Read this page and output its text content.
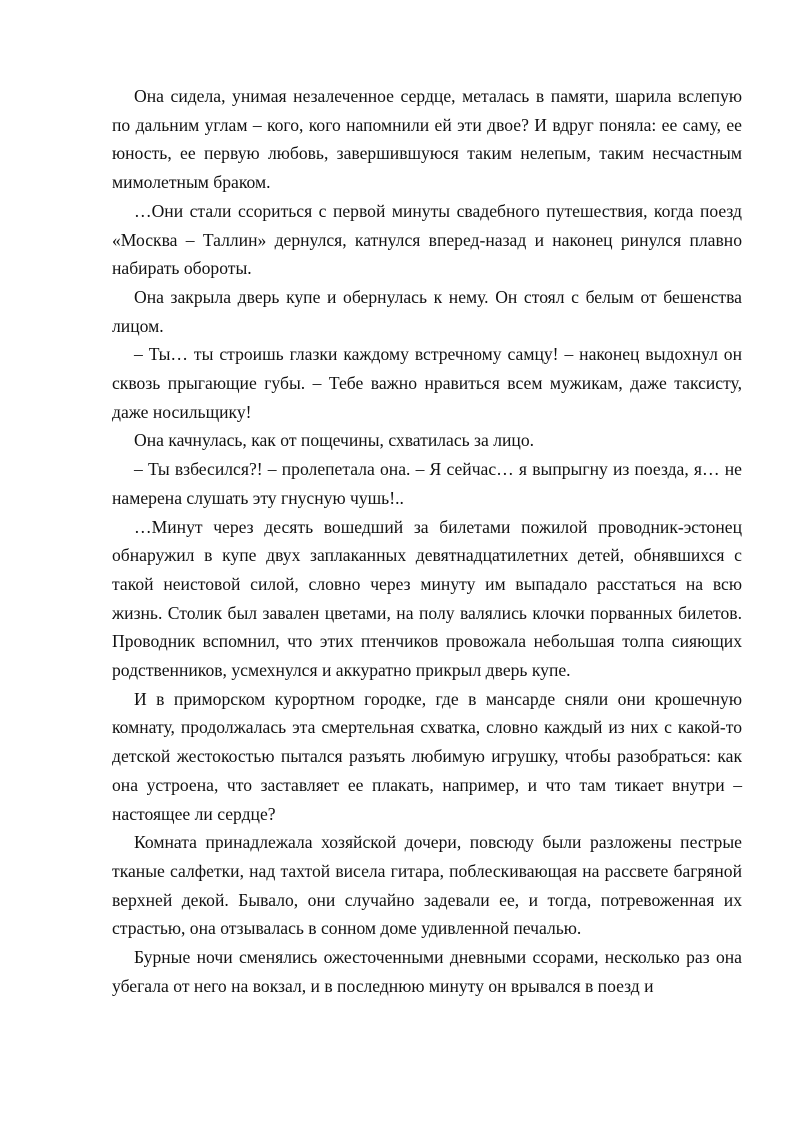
Она сидела, унимая незалеченное сердце, металась в памяти, шарила вслепую по дальним углам – кого, кого напомнили ей эти двое? И вдруг поняла: ее саму, ее юность, ее первую любовь, завершившуюся таким нелепым, таким несчастным мимолетным браком.

…Они стали ссориться с первой минуты свадебного путешествия, когда поезд «Москва – Таллин» дернулся, катнулся вперед-назад и наконец ринулся плавно набирать обороты.

Она закрыла дверь купе и обернулась к нему. Он стоял с белым от бешенства лицом.

– Ты… ты строишь глазки каждому встречному самцу! – наконец выдохнул он сквозь прыгающие губы. – Тебе важно нравиться всем мужикам, даже таксисту, даже носильщику!

Она качнулась, как от пощечины, схватилась за лицо.

– Ты взбесился?! – пролепетала она. – Я сейчас… я выпрыгну из поезда, я… не намерена слушать эту гнусную чушь!..

…Минут через десять вошедший за билетами пожилой проводник-эстонец обнаружил в купе двух заплаканных девятнадцатилетних детей, обнявшихся с такой неистовой силой, словно через минуту им выпадало расстаться на всю жизнь. Столик был завален цветами, на полу валялись клочки порванных билетов. Проводник вспомнил, что этих птенчиков провожала небольшая толпа сияющих родственников, усмехнулся и аккуратно прикрыл дверь купе.

И в приморском курортном городке, где в мансарде сняли они крошечную комнату, продолжалась эта смертельная схватка, словно каждый из них с какой-то детской жестокостью пытался разъять любимую игрушку, чтобы разобраться: как она устроена, что заставляет ее плакать, например, и что там тикает внутри – настоящее ли сердце?

Комната принадлежала хозяйской дочери, повсюду были разложены пестрые тканые салфетки, над тахтой висела гитара, поблескивающая на рассвете багряной верхней декой. Бывало, они случайно задевали ее, и тогда, потревоженная их страстью, она отзывалась в сонном доме удивленной печалью.

Бурные ночи сменялись ожесточенными дневными ссорами, несколько раз она убегала от него на вокзал, и в последнюю минуту он врывался в поезд и
